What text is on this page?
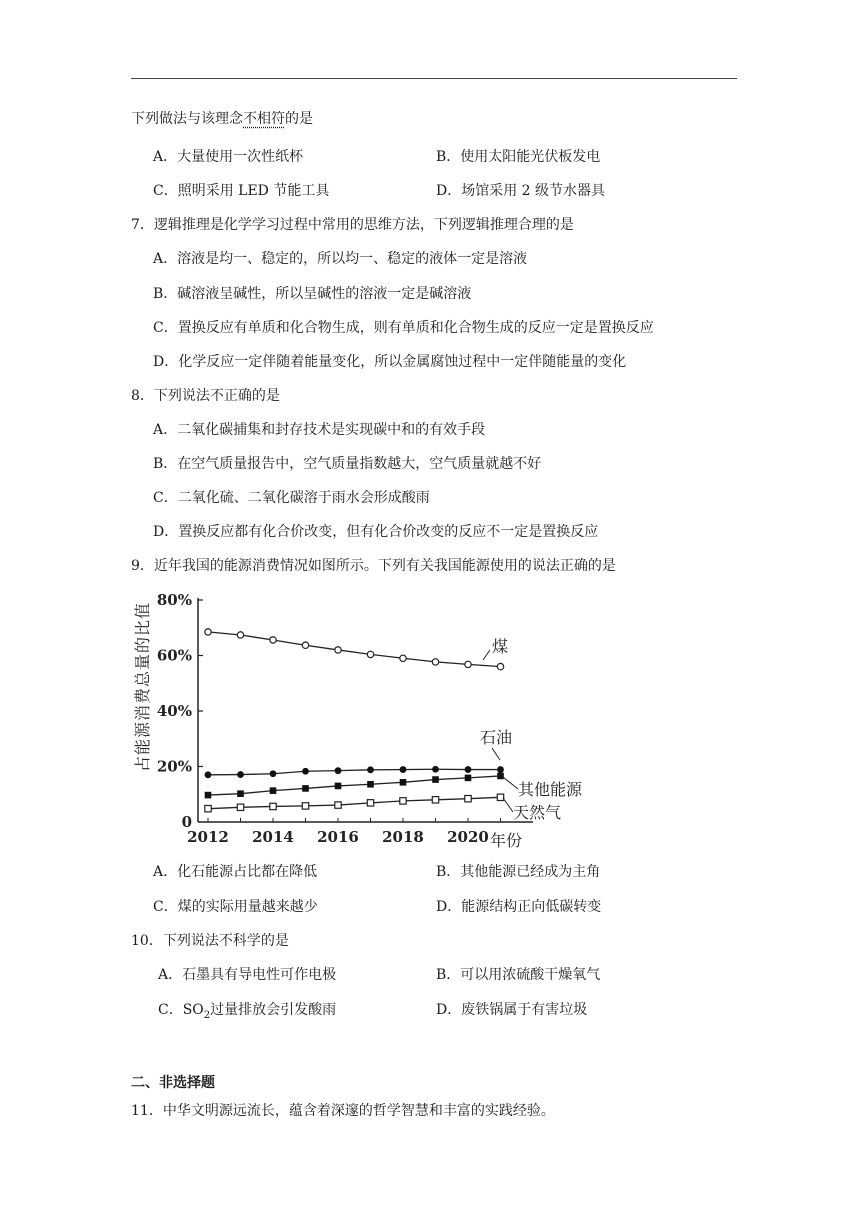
下列做法与该理念不相符的是
A．大量使用一次性纸杯	B．使用太阳能光伏板发电
C．照明采用 LED 节能工具	D．场馆采用 2 级节水器具
7．逻辑推理是化学学习过程中常用的思维方法，下列逻辑推理合理的是
A．溶液是均一、稳定的，所以均一、稳定的液体一定是溶液
B．碱溶液呈碱性，所以呈碱性的溶液一定是碱溶液
C．置换反应有单质和化合物生成，则有单质和化合物生成的反应一定是置换反应
D．化学反应一定伴随着能量变化，所以金属腐蚀过程中一定伴随能量的变化
8．下列说法不正确的是
A．二氧化碳捕集和封存技术是实现碳中和的有效手段
B．在空气质量报告中，空气质量指数越大，空气质量就越不好
C．二氧化硫、二氧化碳溶于雨水会形成酸雨
D．置换反应都有化合价改变，但有化合价改变的反应不一定是置换反应
9．近年我国的能源消费情况如图所示。下列有关我国能源使用的说法正确的是
0
20%
40%
60%
80%
2012 2014 2016 2018 2020 年份
占能源消费总量的比值	煤
石油
其他能源
天然气
A．化石能源占比都在降低	B．其他能源已经成为主角
C．煤的实际用量越来越少	D．能源结构正向低碳转变
10．下列说法不科学的是
A．石墨具有导电性可作电极	B．可以用浓硫酸干燥氧气
C．$SO_2$过量排放会引发酸雨	D．废铁锅属于有害垃圾
二、非选择题
11．中华文明源远流长，蕴含着深邃的哲学智慧和丰富的实践经验。
